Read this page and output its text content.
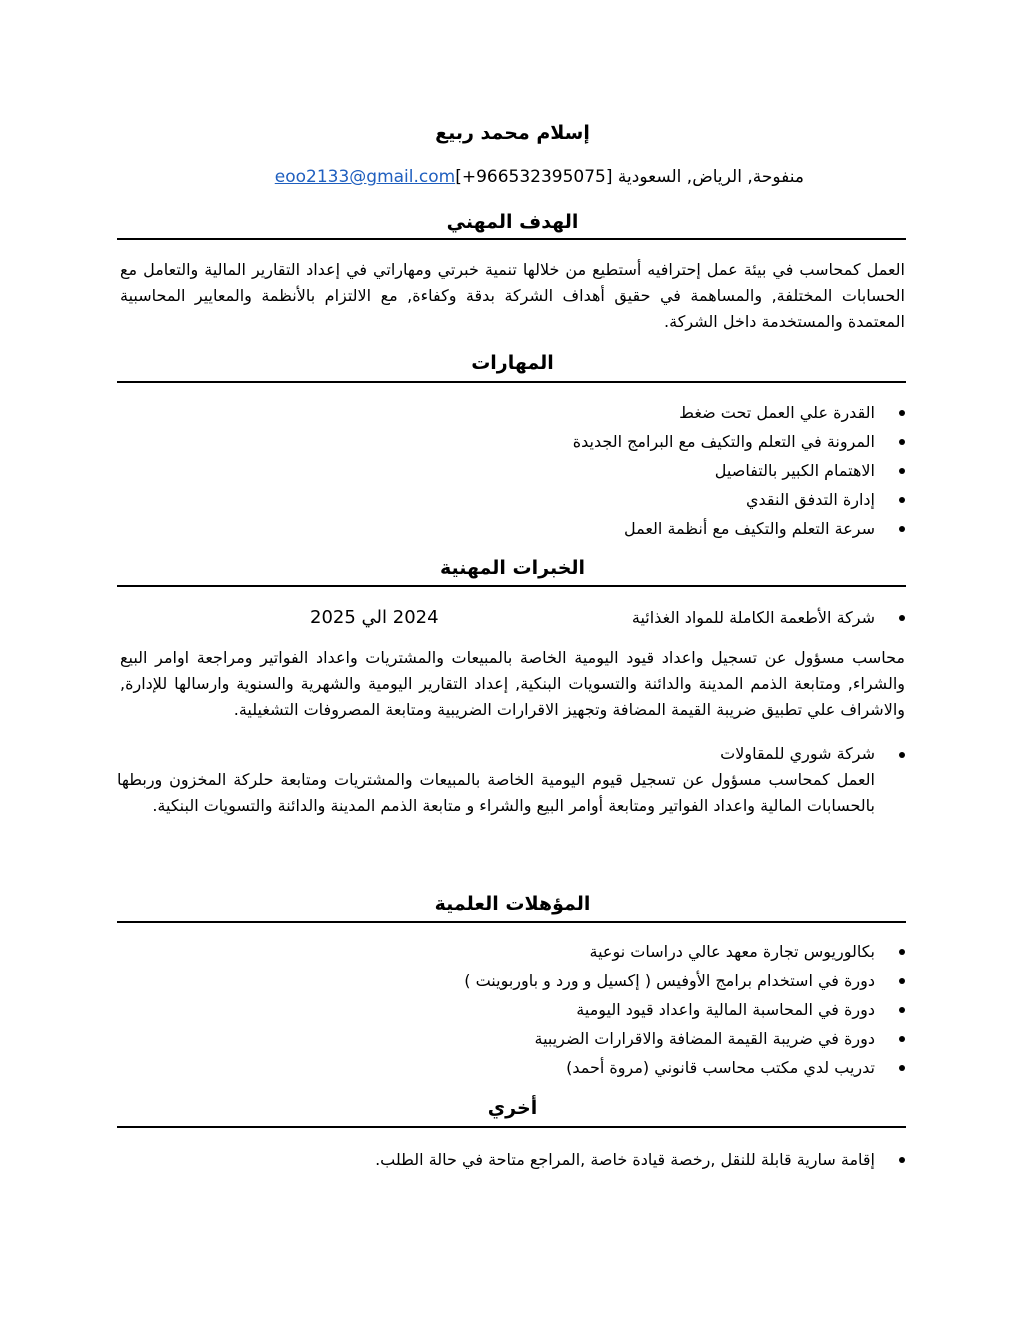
إسلام محمد ربيع
منفوحة, الرياض, السعودية eoo2133@gmail.com[+966532395075]
الهدف المهني
العمل كمحاسب في بيئة عمل إحترافيه أستطيع من خلالها تنمية خبرتي ومهاراتي في إعداد التقارير المالية والتعامل مع الحسابات المختلفة, والمساهمة في حقيق أهداف الشركة بدقة وكفاءة, مع الالتزام بالأنظمة والمعايير المحاسبية المعتمدة والمستخدمة داخل الشركة.
المهارات
القدرة علي العمل تحت ضغط
المرونة في التعلم والتكيف مع البرامج الجديدة
الاهتمام الكبير بالتفاصيل
إدارة التدفق النقدي
سرعة التعلم والتكيف مع أنظمة العمل
الخبرات المهنية
شركة الأطعمة الكاملة للمواد الغذائية
2024 الي 2025
محاسب مسؤول عن تسجيل واعداد قيود اليومية الخاصة بالمبيعات والمشتريات واعداد الفواتير ومراجعة اوامر البيع والشراء, ومتابعة الذمم المدينة والدائنة والتسويات البنكية, إعداد التقارير اليومية والشهرية والسنوية وارسالها للإدارة, والاشراف علي تطبيق ضريبة القيمة المضافة وتجهيز الاقرارات الضريبية ومتابعة المصروفات التشغيلية.
شركة شوري للمقاولات
العمل كمحاسب مسؤول عن تسجيل قيوم اليومية الخاصة بالمبيعات والمشتريات ومتابعة حلركة المخزون وربطها بالحسابات المالية واعداد الفواتير ومتابعة أوامر البيع والشراء و متابعة الذمم المدينة والدائنة والتسويات البنكية.
المؤهلات العلمية
بكالوريوس تجارة معهد عالي دراسات نوعية
دورة في استخدام برامج الأوفيس ( إكسيل و ورد و باوربوينت )
دورة في المحاسبة المالية واعداد قيود اليومية
دورة في ضريبة القيمة المضافة والاقرارات الضريبية
تدريب لدي مكتب محاسب قانوني (مروة أحمد)
أخري
إقامة سارية قابلة للنقل ,رخصة قيادة خاصة ,المراجع متاحة في حالة الطلب.
